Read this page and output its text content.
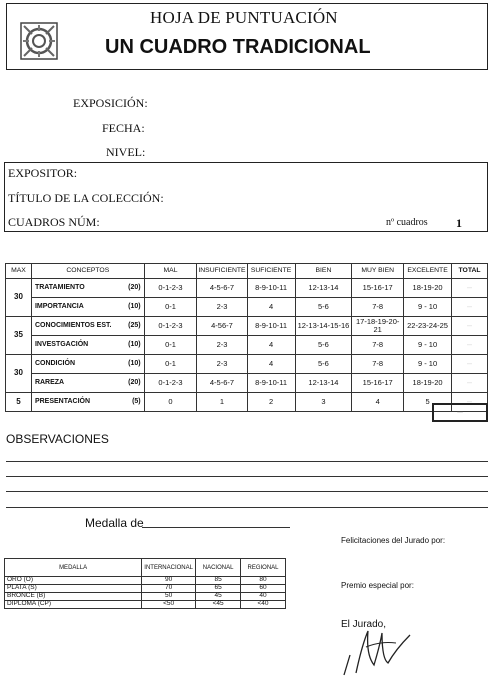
HOJA DE PUNTUACIÓN
UN CUADRO TRADICIONAL
EXPOSICIÓN:
FECHA:
NIVEL:
EXPOSITOR:
TÍTULO DE LA COLECCIÓN:
CUADROS NÚM:	nº cuadros 1
MAX	CONCEPTOS	MAL	INSUFICIENTE	SUFICIENTE	BIEN	MUY BIEN	EXCELENTE	TOTAL
30	TRATAMIENTO (20)	0-1-2-3	4-5-6-7	8-9-10-11	12-13-14	15-16-17	18-19-20	–
	IMPORTANCIA (10)	0-1	2-3	4	5-6	7-8	9 - 10	–
35	CONOCIMIENTOS EST. (25)	0-1-2-3	4-56-7	8-9-10-11	12-13-14-15-16	17-18-19-20-21	22-23-24-25	–
	INVESTGACIÓN (10)	0-1	2-3	4	5-6	7-8	9 - 10	–
30	CONDICIÓN (10)	0-1	2-3	4	5-6	7-8	9 - 10	–
	RAREZA (20)	0-1-2-3	4-5-6-7	8-9-10-11	12-13-14	15-16-17	18-19-20	–
5	PRESENTACIÓN (5)	0	1	2	3	4	5	–
–
OBSERVACIONES
Medalla de
MEDALLA	INTERNACIONAL	NACIONAL	REGIONAL
ORO (O)	90	85	80
PLATA (S)	70	65	60
BRONCE (B)	50	45	40
DIPLOMA (CP)	<50	<45	<40
Felicitaciones del Jurado por:
Premio especial por:
El Jurado,
